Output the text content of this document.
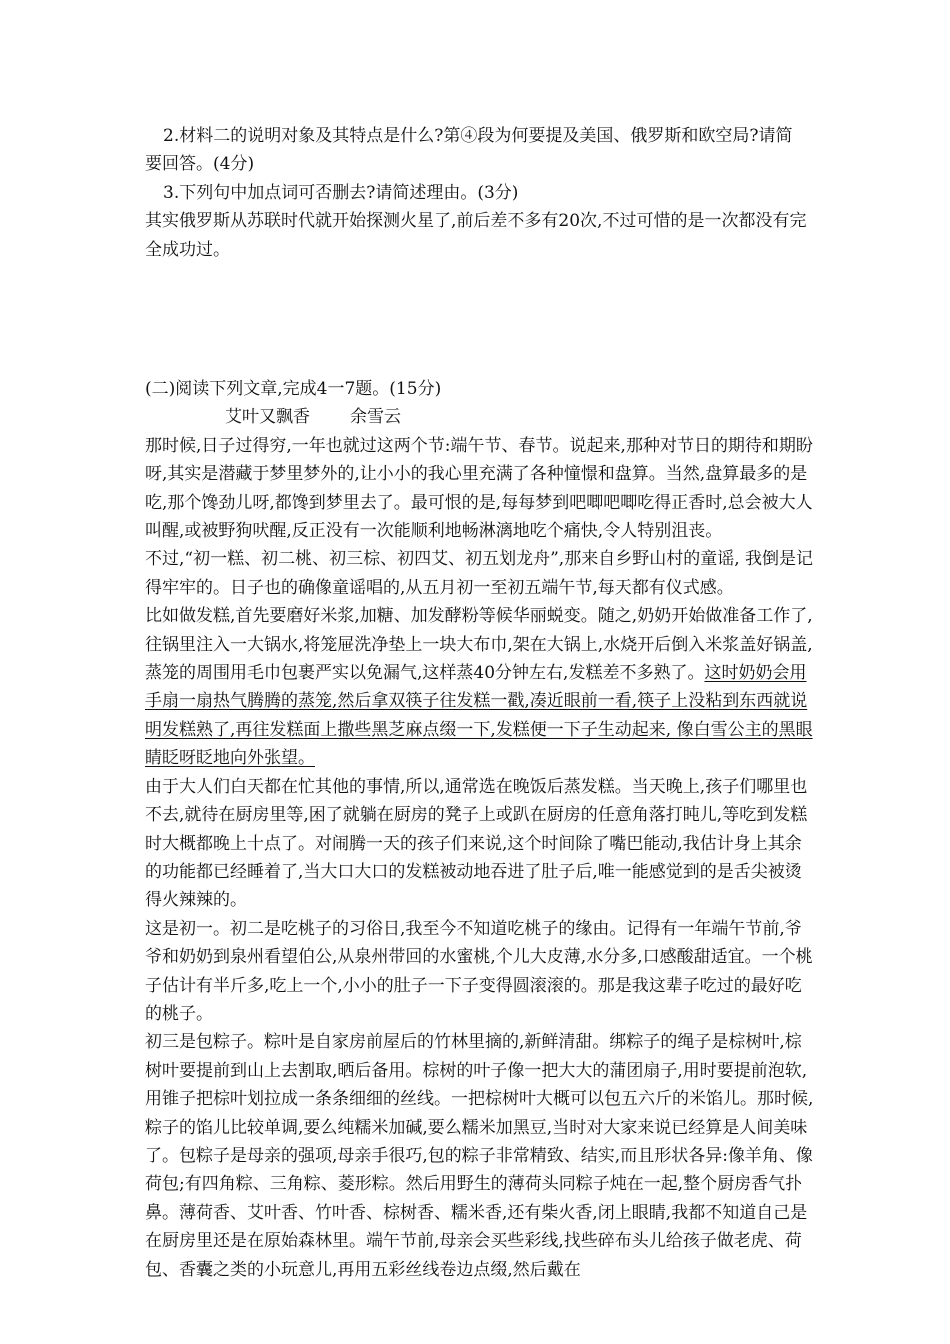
2.材料二的说明对象及其特点是什么?第④段为何要提及美国、俄罗斯和欧空局?请简

要回答。(4分)

3.下列句中加点词可否删去?请简述理由。(3分)

其实俄罗斯从苏联时代就开始探测火星了,前后差不多有20次,不过可惜的是一次都没有完全成功过。

(二)阅读下列文章,完成4一7题。(15分)

艾叶又飘香 余雪云

那时候,日子过得穷,一年也就过这两个节:端午节、春节。说起来,那种对节日的期待和期盼呀,其实是潜藏于梦里梦外的,让小小的我心里充满了各种憧憬和盘算。当然,盘算最多的是吃,那个馋劲儿呀,都馋到梦里去了。最可恨的是,每每梦到吧唧吧唧吃得正香时,总会被大人叫醒,或被野狗吠醒,反正没有一次能顺利地畅淋漓地吃个痛快,令人特别沮丧。

不过,“初一糕、初二桃、初三棕、初四艾、初五划龙舟”,那来自乡野山村的童谣, 我倒是记得牢牢的。日子也的确像童谣唱的,从五月初一至初五端午节,每天都有仪式感。

比如做发糕,首先要磨好米浆,加糖、加发酵粉等候华丽蜕变。随之,奶奶开始做准备工作了,往锅里注入一大锅水,将笼屉洗净垫上一块大布巾,架在大锅上,水烧开后倒入米浆盖好锅盖,蒸笼的周围用毛巾包裹严实以免漏气,这样蒸40分钟左右,发糕差不多熟了。这时奶奶会用手扇一扇热气腾腾的蒸笼,然后拿双筷子往发糕一戳,凑近眼前一看,筷子上没粘到东西就说明发糕熟了,再往发糕面上撒些黑芝麻点缀一下,发糕便一下子生动起来, 像白雪公主的黑眼睛眨呀眨地向外张望。

由于大人们白天都在忙其他的事情,所以,通常选在晚饭后蒸发糕。当天晚上,孩子们哪里也不去,就待在厨房里等,困了就躺在厨房的凳子上或趴在厨房的任意角落打盹儿,等吃到发糕时大概都晚上十点了。对闹腾一天的孩子们来说,这个时间除了嘴巴能动,我估计身上其余的功能都已经睡着了,当大口大口的发糕被动地吞进了肚子后,唯一能感觉到的是舌尖被烫得火辣辣的。

这是初一。初二是吃桃子的习俗日,我至今不知道吃桃子的缘由。记得有一年端午节前,爷爷和奶奶到泉州看望伯公,从泉州带回的水蜜桃,个儿大皮薄,水分多,口感酸甜适宜。一个桃子估计有半斤多,吃上一个,小小的肚子一下子变得圆滚滚的。那是我这辈子吃过的最好吃的桃子。

初三是包粽子。粽叶是自家房前屋后的竹林里摘的,新鲜清甜。绑粽子的绳子是棕树叶,棕树叶要提前到山上去割取,晒后备用。棕树的叶子像一把大大的蒲团扇子,用时要提前泡软,用锥子把棕叶划拉成一条条细细的丝线。一把棕树叶大概可以包五六斤的米馅儿。那时候,粽子的馅儿比较单调,要么纯糯米加碱,要么糯米加黑豆,当时对大家来说已经算是人间美味了。包粽子是母亲的强项,母亲手很巧,包的粽子非常精致、结实,而且形状各异:像羊角、像荷包;有四角粽、三角粽、菱形粽。然后用野生的薄荷头同粽子炖在一起,整个厨房香气扑鼻。薄荷香、艾叶香、竹叶香、棕树香、糯米香,还有柴火香,闭上眼睛,我都不知道自己是在厨房里还是在原始森林里。端午节前,母亲会买些彩线,找些碎布头儿给孩子做老虎、荷包、香囊之类的小玩意儿,再用五彩丝线卷边点缀,然后戴在
